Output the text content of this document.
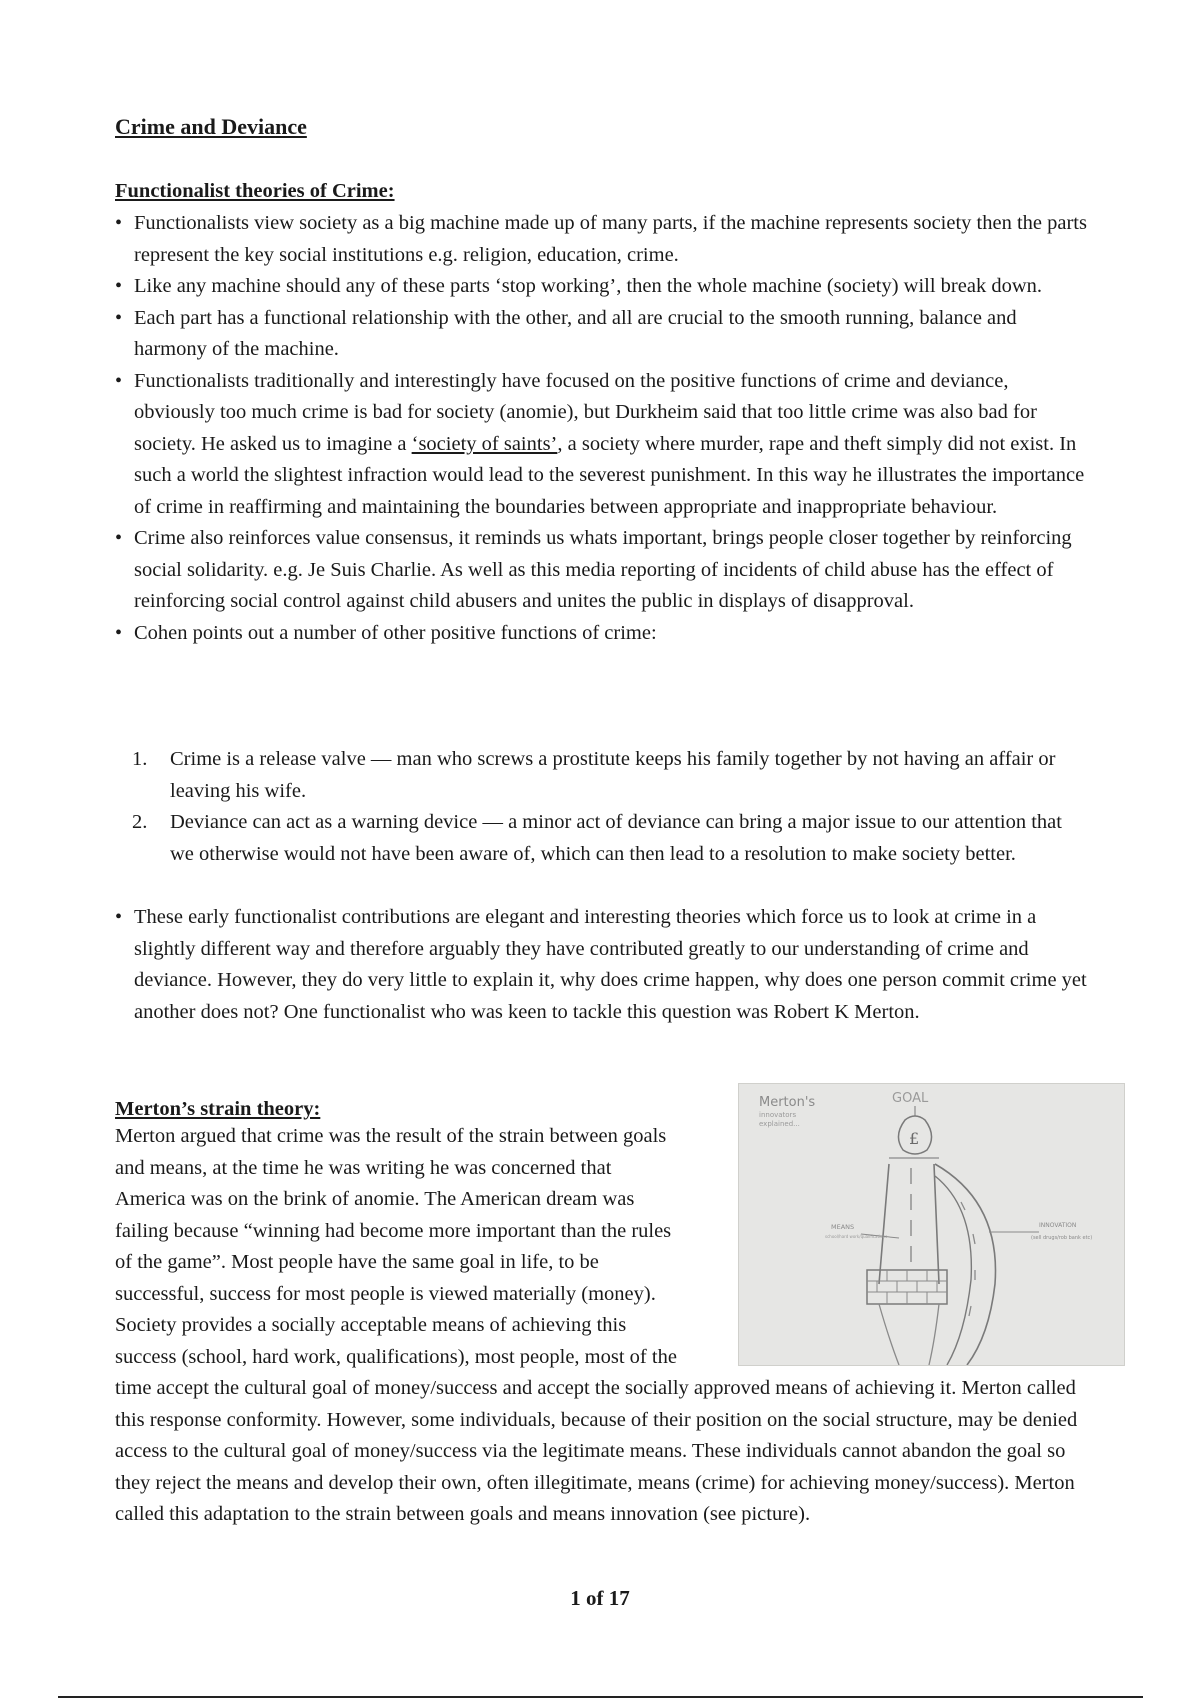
Crime and Deviance
Functionalist theories of Crime:
• Functionalists view society as a big machine made up of many parts, if the machine represents society then the parts represent the key social institutions e.g. religion, education, crime.
• Like any machine should any of these parts ‘stop working’, then the whole machine (society) will break down.
• Each part has a functional relationship with the other, and all are crucial to the smooth running, balance and harmony of the machine.
• Functionalists traditionally and interestingly have focused on the positive functions of crime and deviance, obviously too much crime is bad for society (anomie), but Durkheim said that too little crime was also bad for society. He asked us to imagine a ‘society of saints’, a society where murder, rape and theft simply did not exist. In such a world the slightest infraction would lead to the severest punishment. In this way he illustrates the importance of crime in reaffirming and maintaining the boundaries between appropriate and inappropriate behaviour.
• Crime also reinforces value consensus, it reminds us whats important, brings people closer together by reinforcing social solidarity. e.g. Je Suis Charlie. As well as this media reporting of incidents of child abuse has the effect of reinforcing social control against child abusers and unites the public in displays of disapproval.
• Cohen points out a number of other positive functions of crime:
1. Crime is a release valve — man who screws a prostitute keeps his family together by not having an affair or leaving his wife.
2. Deviance can act as a warning device — a minor act of deviance can bring a major issue to our attention that we otherwise would not have been aware of, which can then lead to a resolution to make society better.
• These early functionalist contributions are elegant and interesting theories which force us to look at crime in a slightly different way and therefore arguably they have contributed greatly to our understanding of crime and deviance. However, they do very little to explain it, why does crime happen, why does one person commit crime yet another does not? One functionalist who was keen to tackle this question was Robert K Merton.
Merton’s strain theory:

Merton argued that crime was the result of the strain between goals and means, at the time he was writing he was concerned that America was on the brink of anomie. The American dream was failing because “winning had become more important than the rules of the game”. Most people have the same goal in life, to be successful, success for most people is viewed materially (money). Society provides a socially acceptable means of achieving this success (school, hard work, qualifications), most people, most of the time accept the cultural goal of money/success and accept the socially approved means of achieving it. Merton called this response conformity. However, some individuals, because of their position on the social structure, may be denied access to the cultural goal of money/success via the legitimate means. These individuals cannot abandon the goal so they reject the means and develop their own, often illegitimate, means (crime) for achieving money/success). Merton called this adaptation to the strain between goals and means innovation (see picture).

Merton's
innovators
explained...
GOAL
£
MEANS
school/hard work/qualifications
INNOVATION
(sell drugs/rob bank etc)

1 of 17
